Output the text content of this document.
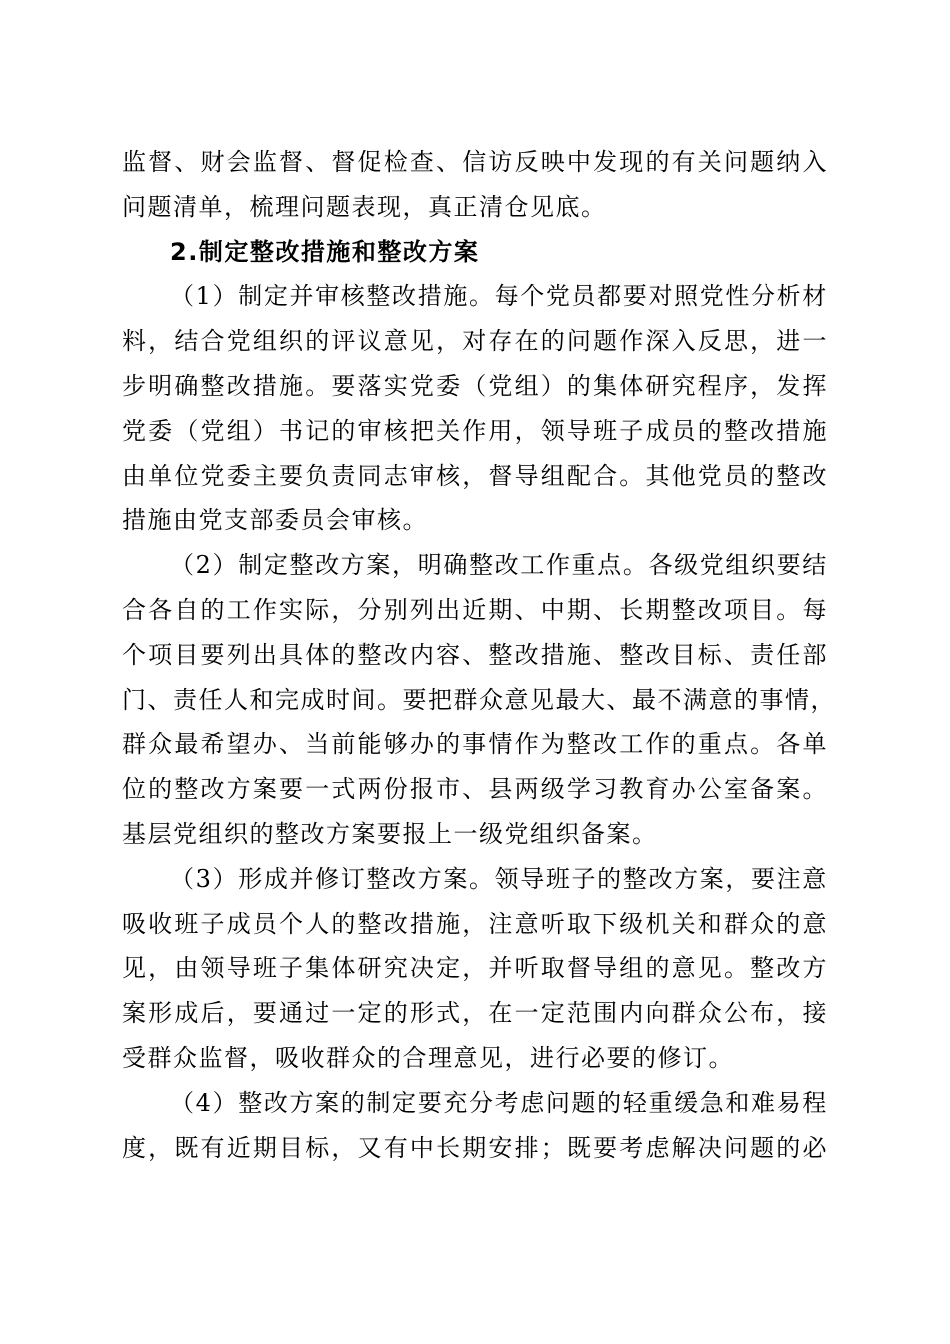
监 督 、 财 会 监 督 、 督 促 检 查 、 信 访 反 映 中 发 现 的 有 关 问 题 纳 入
问题清单，梳理问题表现，真正清仓见底。
2.制定整改措施和整改方案
（ 1 ） 制 定 并 审 核 整 改 措 施 。 每 个 党 员 都 要 对 照 党 性 分 析 材
料 ， 结 合 党 组 织 的 评 议 意 见 ， 对 存 在 的 问 题 作 深 入 反 思 ， 进 一
步 明 确 整 改 措 施 。 要 落 实 党 委 （ 党 组 ） 的 集 体 研 究 程 序 ， 发 挥
党 委 （ 党 组 ） 书 记 的 审 核 把 关 作 用 ， 领 导 班 子 成 员 的 整 改 措 施
由 单 位 党 委 主 要 负 责 同 志 审 核 ， 督 导 组 配 合 。 其 他 党 员 的 整 改
措施由党支部委员会审核。
（ 2 ） 制 定 整 改 方 案 ， 明 确 整 改 工 作 重 点 。 各 级 党 组 织 要 结
合 各 自 的 工 作 实 际 ， 分 别 列 出 近 期 、 中 期 、 长 期 整 改 项 目 。 每
个 项 目 要 列 出 具 体 的 整 改 内 容 、 整 改 措 施 、 整 改 目 标 、 责 任 部
门 、 责 任 人 和 完 成 时 间 。 要 把 群 众 意 见 最 大 、 最 不 满 意 的 事 情 ，
群 众 最 希 望 办 、 当 前 能 够 办 的 事 情 作 为 整 改 工 作 的 重 点 。 各 单
位 的 整 改 方 案 要 一 式 两 份 报 市 、 县 两 级 学 习 教 育 办 公 室 备 案 。
基层党组织的整改方案要报上一级党组织备案。
（ 3 ） 形 成 并 修 订 整 改 方 案 。 领 导 班 子 的 整 改 方 案 ， 要 注 意
吸 收 班 子 成 员 个 人 的 整 改 措 施 ， 注 意 听 取 下 级 机 关 和 群 众 的 意
见 ， 由 领 导 班 子 集 体 研 究 决 定 ， 并 听 取 督 导 组 的 意 见 。 整 改 方
案 形 成 后 ， 要 通 过 一 定 的 形 式 ， 在 一 定 范 围 内 向 群 众 公 布 ， 接
受群众监督，吸收群众的合理意见，进行必要的修订。
（ 4 ） 整 改 方 案 的 制 定 要 充 分 考 虑 问 题 的 轻 重 缓 急 和 难 易 程
度 ， 既 有 近 期 目 标 ， 又 有 中 长 期 安 排 ； 既 要 考 虑 解 决 问 题 的 必
